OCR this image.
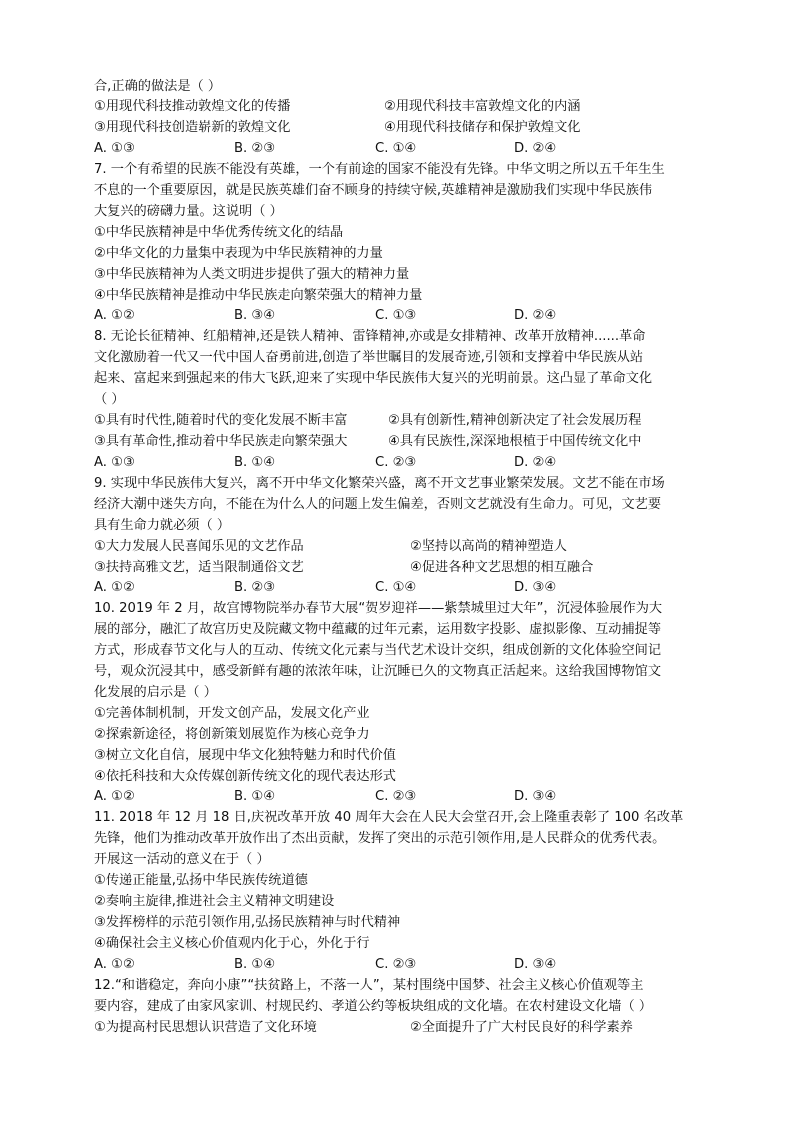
合,正确的做法是（ ）
①用现代科技推动敦煌文化的传播	②用现代科技丰富敦煌文化的内涵
③用现代科技创造崭新的敦煌文化	④用现代科技储存和保护敦煌文化
A. ①③	B. ②③	C. ①④	D. ②④
7. 一个有希望的民族不能没有英雄，一个有前途的国家不能没有先锋。中华文明之所以五千年生生
不息的一个重要原因，就是民族英雄们奋不顾身的持续守候,英雄精神是激励我们实现中华民族伟
大复兴的磅礴力量。这说明（ ）
①中华民族精神是中华优秀传统文化的结晶
②中华文化的力量集中表现为中华民族精神的力量
③中华民族精神为人类文明进步提供了强大的精神力量
④中华民族精神是推动中华民族走向繁荣强大的精神力量
A. ①②	B. ③④	C. ①③	D. ②④
8. 无论长征精神、红船精神,还是铁人精神、雷锋精神,亦或是女排精神、改革开放精神......革命
文化激励着一代又一代中国人奋勇前进,创造了举世瞩目的发展奇迹,引领和支撑着中华民族从站
起来、富起来到强起来的伟大飞跃,迎来了实现中华民族伟大复兴的光明前景。这凸显了革命文化
（ ）
①具有时代性,随着时代的变化发展不断丰富	②具有创新性,精神创新决定了社会发展历程
③具有革命性,推动着中华民族走向繁荣强大	④具有民族性,深深地根植于中国传统文化中
A. ①③	B. ①④	C. ②③	D. ②④
9. 实现中华民族伟大复兴，离不开中华文化繁荣兴盛，离不开文艺事业繁荣发展。文艺不能在市场
经济大潮中迷失方向，不能在为什么人的问题上发生偏差，否则文艺就没有生命力。可见，文艺要
具有生命力就必须（ ）
①大力发展人民喜闻乐见的文艺作品	②坚持以高尚的精神塑造人
③扶持高雅文艺，适当限制通俗文艺	④促进各种文艺思想的相互融合
A. ①②	B. ②③	C. ①④	D. ③④
10. 2019 年 2 月，故宫博物院举办春节大展“贺岁迎祥——紫禁城里过大年”，沉浸体验展作为大
展的部分，融汇了故宫历史及院藏文物中蕴藏的过年元素，运用数字投影、虚拟影像、互动捕捉等
方式，形成春节文化与人的互动、传统文化元素与当代艺术设计交织，组成创新的文化体验空间记
号，观众沉浸其中，感受新鲜有趣的浓浓年味，让沉睡已久的文物真正活起来。这给我国博物馆文
化发展的启示是（ ）
①完善体制机制，开发文创产品，发展文化产业
②探索新途径，将创新策划展览作为核心竞争力
③树立文化自信，展现中华文化独特魅力和时代价值
④依托科技和大众传媒创新传统文化的现代表达形式
A. ①②	B. ①④	C. ②③	D. ③④
11. 2018 年 12 月 18 日,庆祝改革开放 40 周年大会在人民大会堂召开,会上隆重表彰了 100 名改革
先锋，他们为推动改革开放作出了杰出贡献，发挥了突出的示范引领作用,是人民群众的优秀代表。
开展这一活动的意义在于（ ）
①传递正能量,弘扬中华民族传统道德
②奏响主旋律,推进社会主义精神文明建设
③发挥榜样的示范引领作用,弘扬民族精神与时代精神
④确保社会主义核心价值观内化于心，外化于行
A. ①②	B. ①④	C. ②③	D. ③④
12.“和谐稳定，奔向小康”“扶贫路上，不落一人”，某村围绕中国梦、社会主义核心价值观等主
要内容，建成了由家风家训、村规民约、孝道公约等板块组成的文化墙。在农村建设文化墙（ ）
①为提高村民思想认识营造了文化环境	②全面提升了广大村民良好的科学素养
